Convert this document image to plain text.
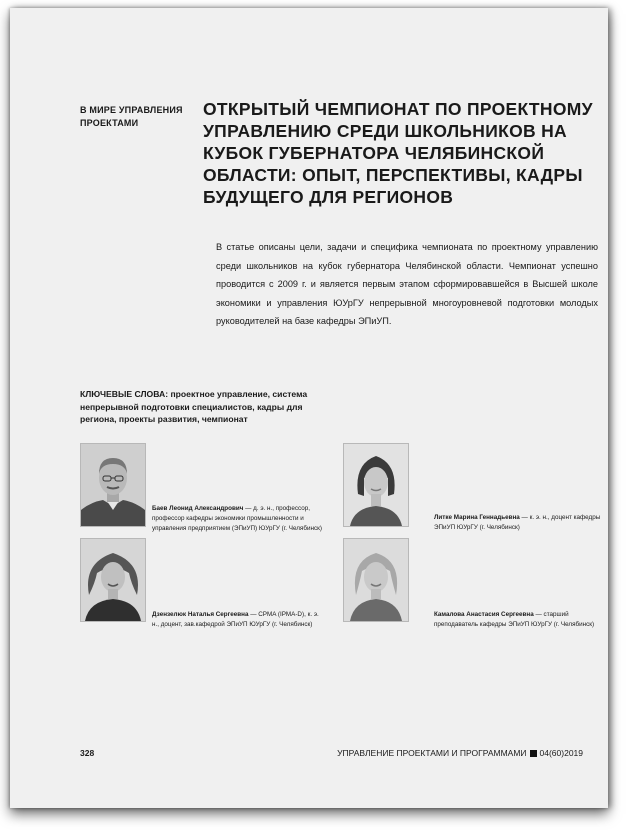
В МИРЕ УПРАВЛЕНИЯ
ПРОЕКТАМИ
ОТКРЫТЫЙ ЧЕМПИОНАТ ПО ПРОЕКТНОМУ УПРАВЛЕНИЮ СРЕДИ ШКОЛЬНИКОВ НА КУБОК ГУБЕРНАТОРА ЧЕЛЯБИНСКОЙ ОБЛАСТИ: ОПЫТ, ПЕРСПЕКТИВЫ, КАДРЫ БУДУЩЕГО ДЛЯ РЕГИОНОВ
В статье описаны цели, задачи и специфика чемпионата по проектному управлению среди школьников на кубок губернатора Челябинской области. Чемпионат успешно проводится с 2009 г. и является первым этапом сформировавшейся в Высшей школе экономики и управления ЮУрГУ непрерывной многоуровневой подготовки молодых руководителей на базе кафедры ЭПиУП.
КЛЮЧЕВЫЕ СЛОВА: проектное управление, система непрерывной подготовки специалистов, кадры для региона, проекты развития, чемпионат
Баев Леонид Александрович — д. э. н., профессор, профессор кафедры экономики промышленности и управления предприятием (ЭПиУП) ЮУрГУ (г. Челябинск)
Литке Марина Геннадьевна — к. э. н., доцент кафедры ЭПиУП ЮУрГУ (г. Челябинск)
Дзензелюк Наталья Сергеевна — CPMA (IPMA-D), к. э. н., доцент, зав.кафедрой ЭПиУП ЮУрГУ (г. Челябинск)
Камалова Анастасия Сергеевна — старший преподаватель кафедры ЭПиУП ЮУрГУ (г. Челябинск)
328	УПРАВЛЕНИЕ ПРОЕКТАМИ И ПРОГРАММАМИ 04(60)2019
